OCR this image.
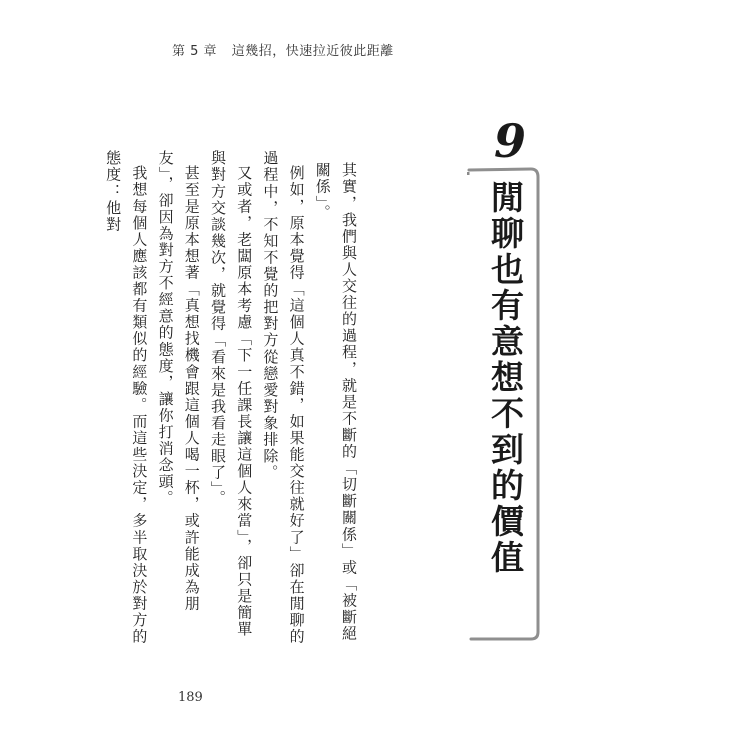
第 5 章 這幾招，快速拉近彼此距離
9
閒聊也有意想不到的價值

其實，我們與人交往的過程，就是不斷的「切斷關係」或「被斷絕關係」。

例如，原本覺得「這個人真不錯，如果能交往就好了」卻在閒聊的過程中，不知不覺的把對方從戀愛對象排除。

又或者，老闆原本考慮「下一任課長讓這個人來當」，卻只是簡單與對方交談幾次，就覺得「看來是我看走眼了」。

甚至是原本想著「真想找機會跟這個人喝一杯，或許能成為朋友」，卻因為對方不經意的態度，讓你打消念頭。

我想每個人應該都有類似的經驗。而這些決定，多半取決於對方的態度：他對

189
